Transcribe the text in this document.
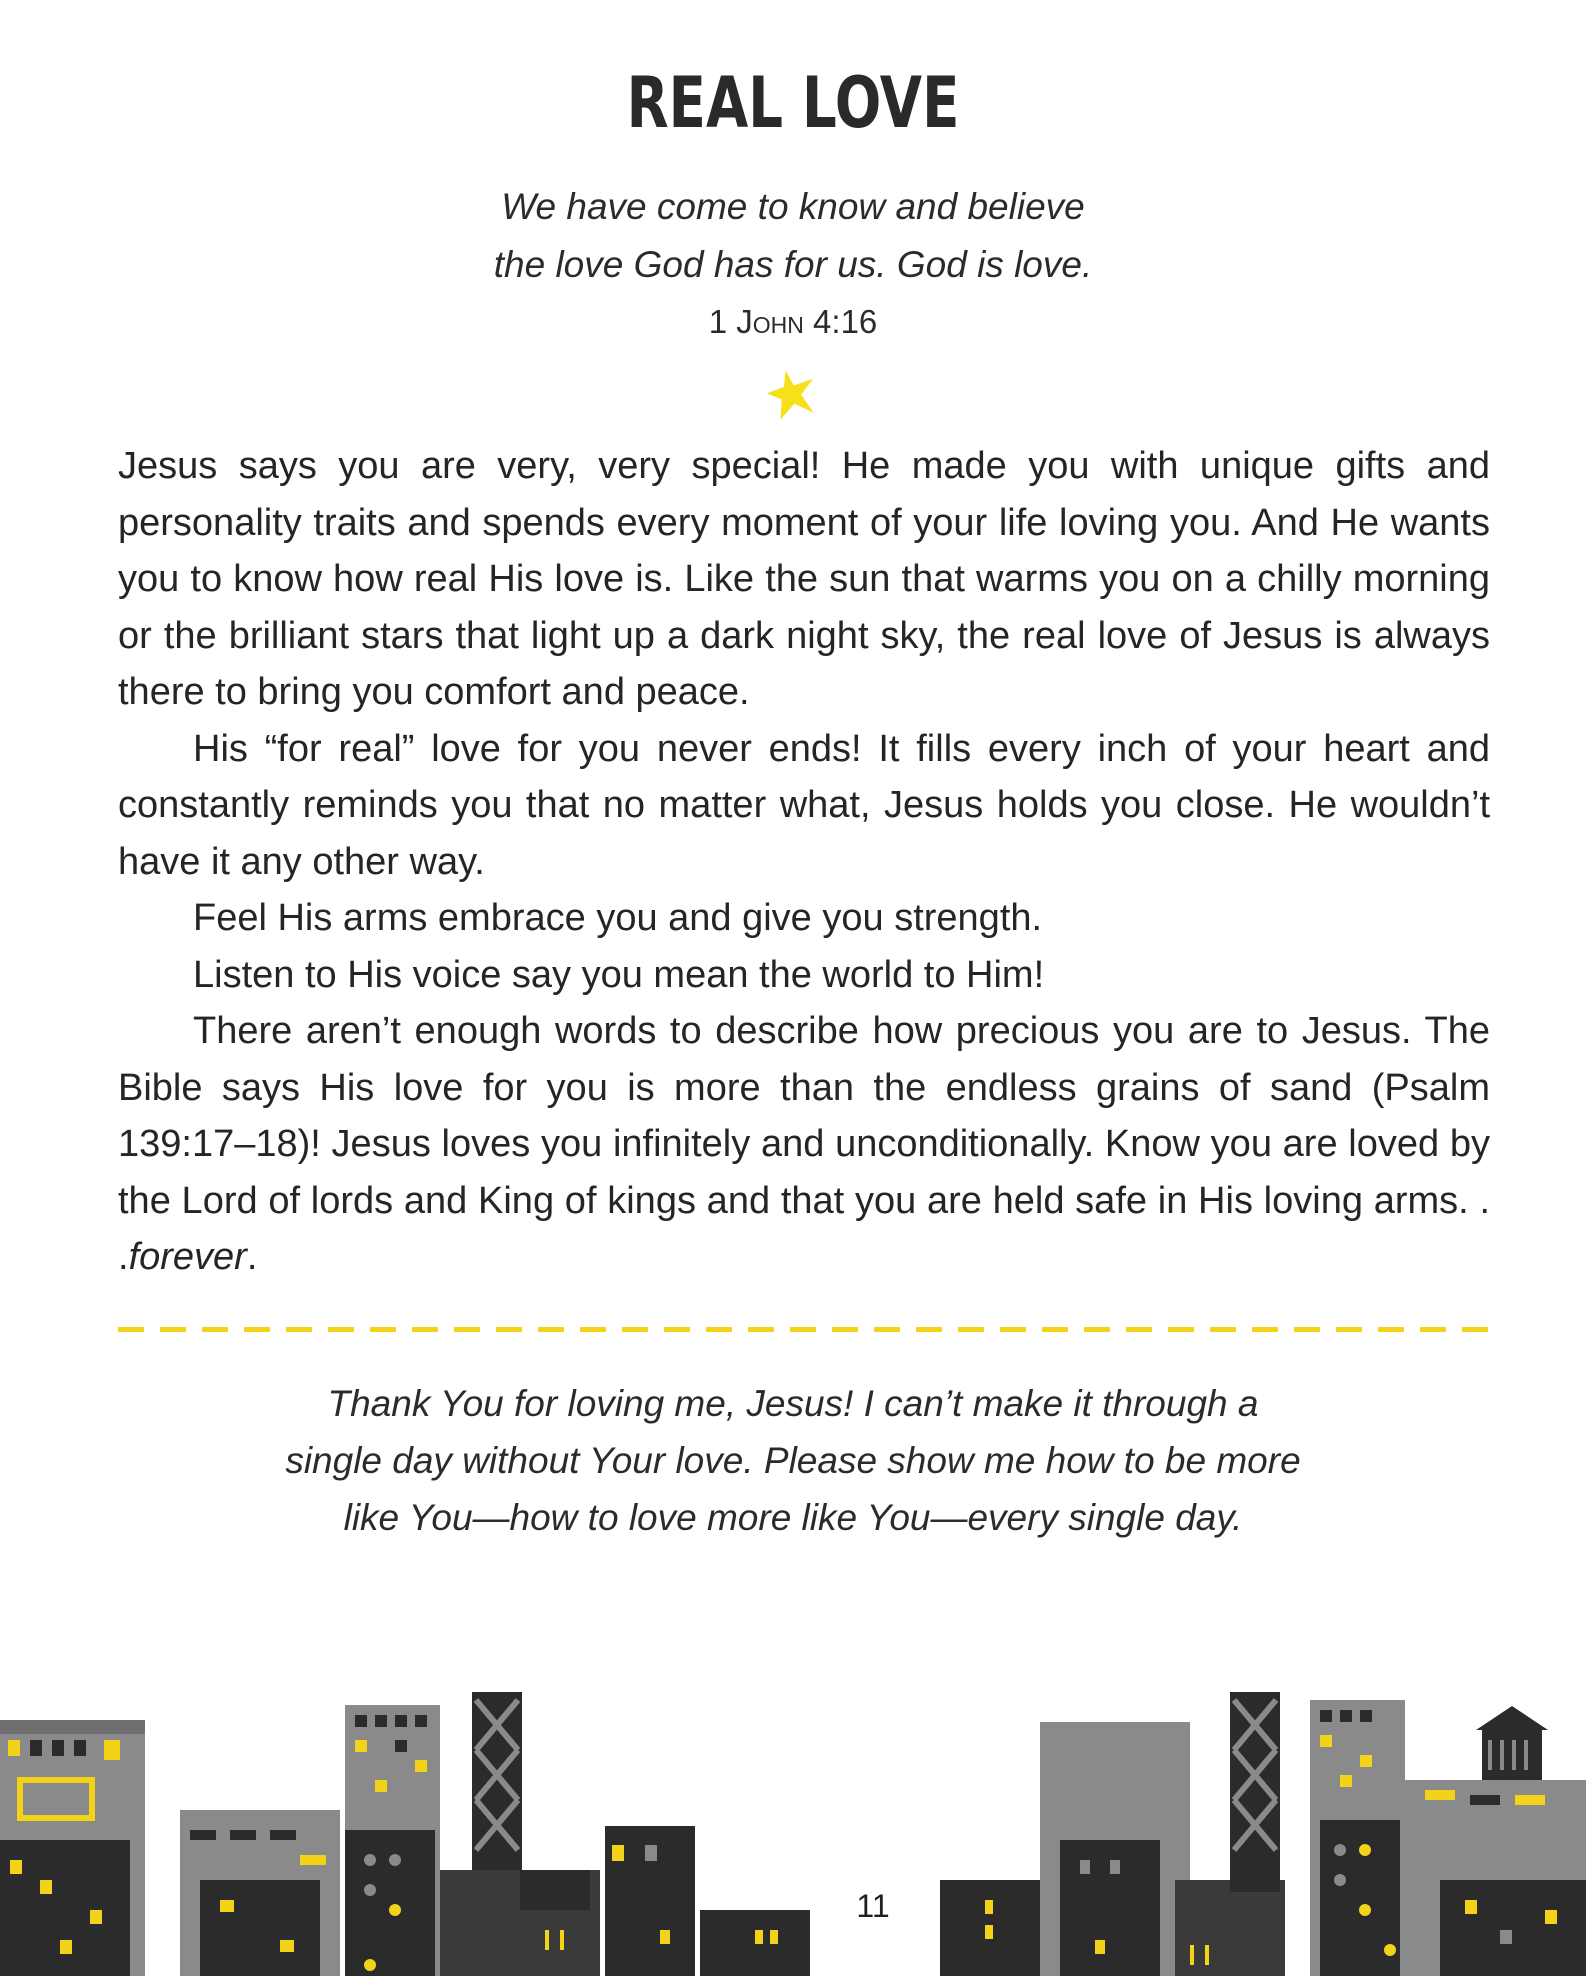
REAL LOVE
We have come to know and believe
the love God has for us. God is love.
1 John 4:16

Jesus says you are very, very special! He made you with unique gifts and personality traits and spends every moment of your life loving you. And He wants you to know how real His love is. Like the sun that warms you on a chilly morning or the brilliant stars that light up a dark night sky, the real love of Jesus is always there to bring you comfort and peace.

His “for real” love for you never ends! It fills every inch of your heart and constantly reminds you that no matter what, Jesus holds you close. He wouldn’t have it any other way.

Feel His arms embrace you and give you strength.

Listen to His voice say you mean the world to Him!

There aren’t enough words to describe how precious you are to Jesus. The Bible says His love for you is more than the endless grains of sand (Psalm 139:17–18)! Jesus loves you infinitely and unconditionally. Know you are loved by the Lord of lords and King of kings and that you are held safe in His loving arms. . .forever.

Thank You for loving me, Jesus! I can’t make it through a
single day without Your love. Please show me how to be more
like You—how to love more like You—every single day.
11
